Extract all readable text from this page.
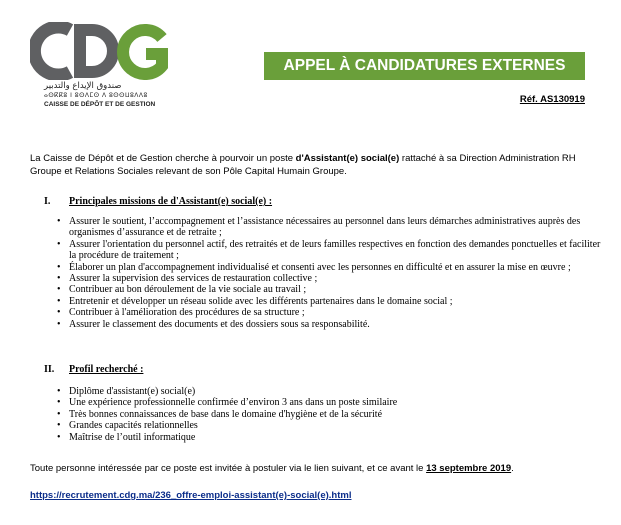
صندوق الإيداع والتدبير
ⴰⵙⴽⴽⵓ ⵏ ⵓⵙⴷⵎⵙ ⴷ ⵓⵙⵙⵡⵓⴷⴷⵓ
CAISSE DE DÉPÔT ET DE GESTION
APPEL À CANDIDATURES EXTERNES
Réf. AS130919

La Caisse de Dépôt et de Gestion cherche à pourvoir un poste d'Assistant(e) social(e) rattaché à sa Direction Administration RH Groupe et Relations Sociales relevant de son Pôle Capital Humain Groupe.

I. Principales missions de d'Assistant(e) social(e) :
• Assurer le soutient, l’accompagnement et l’assistance nécessaires au personnel dans leurs démarches administratives auprès des organismes d’assurance et de retraite ;
• Assurer l'orientation du personnel actif, des retraités et de leurs familles respectives en fonction des demandes ponctuelles et faciliter la procédure de traitement ;
• Élaborer un plan d'accompagnement individualisé et consenti avec les personnes en difficulté et en assurer la mise en œuvre ;
• Assurer la supervision des services de restauration collective ;
• Contribuer au bon déroulement de la vie sociale au travail ;
• Entretenir et développer un réseau solide avec les différents partenaires dans le domaine social ;
• Contribuer à l'amélioration des procédures de sa structure ;
• Assurer le classement des documents et des dossiers sous sa responsabilité.
II. Profil recherché :
• Diplôme d'assistant(e) social(e)
• Une expérience professionnelle confirmée d’environ 3 ans dans un poste similaire
• Très bonnes connaissances de base dans le domaine d'hygiène et de la sécurité
• Grandes capacités relationnelles
• Maîtrise de l’outil informatique

Toute personne intéressée par ce poste est invitée à postuler via le lien suivant, et ce avant le 13 septembre 2019.

https://recrutement.cdg.ma/236_offre-emploi-assistant(e)-social(e).html
